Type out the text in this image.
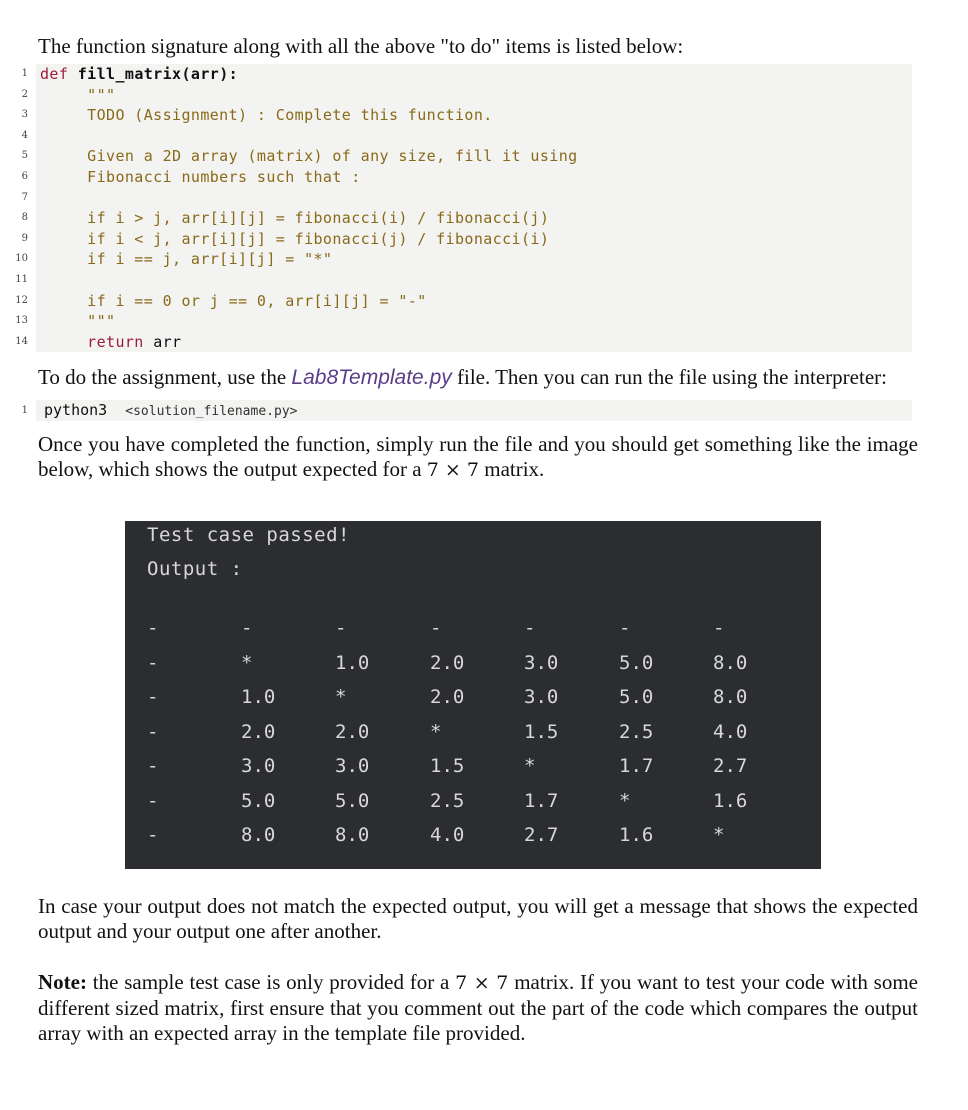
The function signature along with all the above "to do" items is listed below:

1 def fill_matrix(arr):
2	"""
3	TODO (Assignment) : Complete this function.
4
5	Given a 2D array (matrix) of any size, fill it using
6	Fibonacci numbers such that :
7
8	if i > j, arr[i][j] = fibonacci(i) / fibonacci(j)
9	if i < j, arr[i][j] = fibonacci(j) / fibonacci(i)
10	if i == j, arr[i][j] = "*"
11
12	if i == 0 or j == 0, arr[i][j] = "-"
13	"""
14	return arr

To do the assignment, use the Lab8Template.py file. Then you can run the file using the interpreter:

1 python3 <solution_filename.py>

Once you have completed the function, simply run the file and you should get something like the image below, which shows the output expected for a 7 × 7 matrix.

Test case passed!
Output :
-	-	-	-	-	-	-
-	*	1.0	2.0	3.0	5.0	8.0
-	1.0	*	2.0	3.0	5.0	8.0
-	2.0	2.0	*	1.5	2.5	4.0
-	3.0	3.0	1.5	*	1.7	2.7
-	5.0	5.0	2.5	1.7	*	1.6
-	8.0	8.0	4.0	2.7	1.6	*

In case your output does not match the expected output, you will get a message that shows the expected output and your output one after another.

Note: the sample test case is only provided for a 7 × 7 matrix. If you want to test your code with some different sized matrix, first ensure that you comment out the part of the code which compares the output array with an expected array in the template file provided.
